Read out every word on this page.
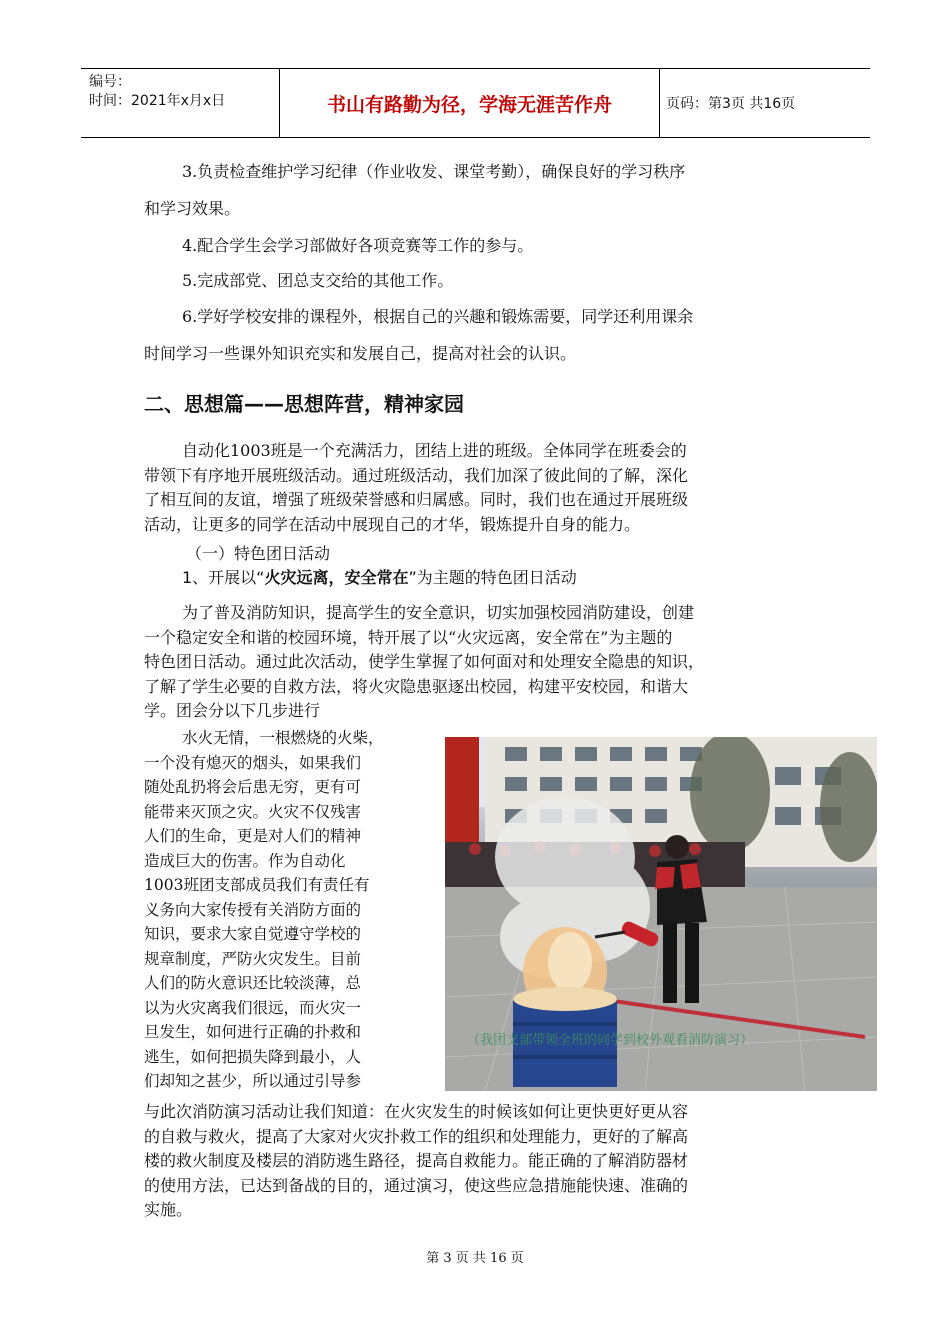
编号：
时间：2021年x月x日	书山有路勤为径，学海无涯苦作舟	页码：第3页 共16页
3.负责检查维护学习纪律（作业收发、课堂考勤），确保良好的学习秩序
和学习效果。
4.配合学生会学习部做好各项竞赛等工作的参与。
5.完成部党、团总支交给的其他工作。
6.学好学校安排的课程外，根据自己的兴趣和锻炼需要，同学还利用课余
时间学习一些课外知识充实和发展自己，提高对社会的认识。
二、思想篇——思想阵营，精神家园
自动化1003班是一个充满活力，团结上进的班级。全体同学在班委会的
带领下有序地开展班级活动。通过班级活动，我们加深了彼此间的了解，深化
了相互间的友谊，增强了班级荣誉感和归属感。同时，我们也在通过开展班级
活动，让更多的同学在活动中展现自己的才华，锻炼提升自身的能力。
（一）特色团日活动
1、开展以“火灾远离，安全常在”为主题的特色团日活动
为了普及消防知识，提高学生的安全意识，切实加强校园消防建设，创建
一个稳定安全和谐的校园环境，特开展了以“火灾远离，安全常在”为主题的
特色团日活动。通过此次活动，使学生掌握了如何面对和处理安全隐患的知识，
了解了学生必要的自救方法，将火灾隐患驱逐出校园，构建平安校园，和谐大
学。团会分以下几步进行
水火无情，一根燃烧的火柴，
一个没有熄灭的烟头，如果我们
随处乱扔将会后患无穷，更有可
能带来灭顶之灾。火灾不仅残害
人们的生命，更是对人们的精神
造成巨大的伤害。作为自动化
1003班团支部成员我们有责任有
义务向大家传授有关消防方面的
知识，要求大家自觉遵守学校的
规章制度，严防火灾发生。目前
人们的防火意识还比较淡薄，总
以为火灾离我们很远，而火灾一
旦发生，如何进行正确的扑救和
逃生，如何把损失降到最小，人
们却知之甚少，所以通过引导参
（我团支部带领全班的同学到校外观看消防演习）
与此次消防演习活动让我们知道：在火灾发生的时候该如何让更快更好更从容
的自救与救火，提高了大家对火灾扑救工作的组织和处理能力，更好的了解高
楼的救火制度及楼层的消防逃生路径，提高自救能力。能正确的了解消防器材
的使用方法，已达到备战的目的，通过演习，使这些应急措施能快速、准确的
实施。
第 3 页 共 16 页
